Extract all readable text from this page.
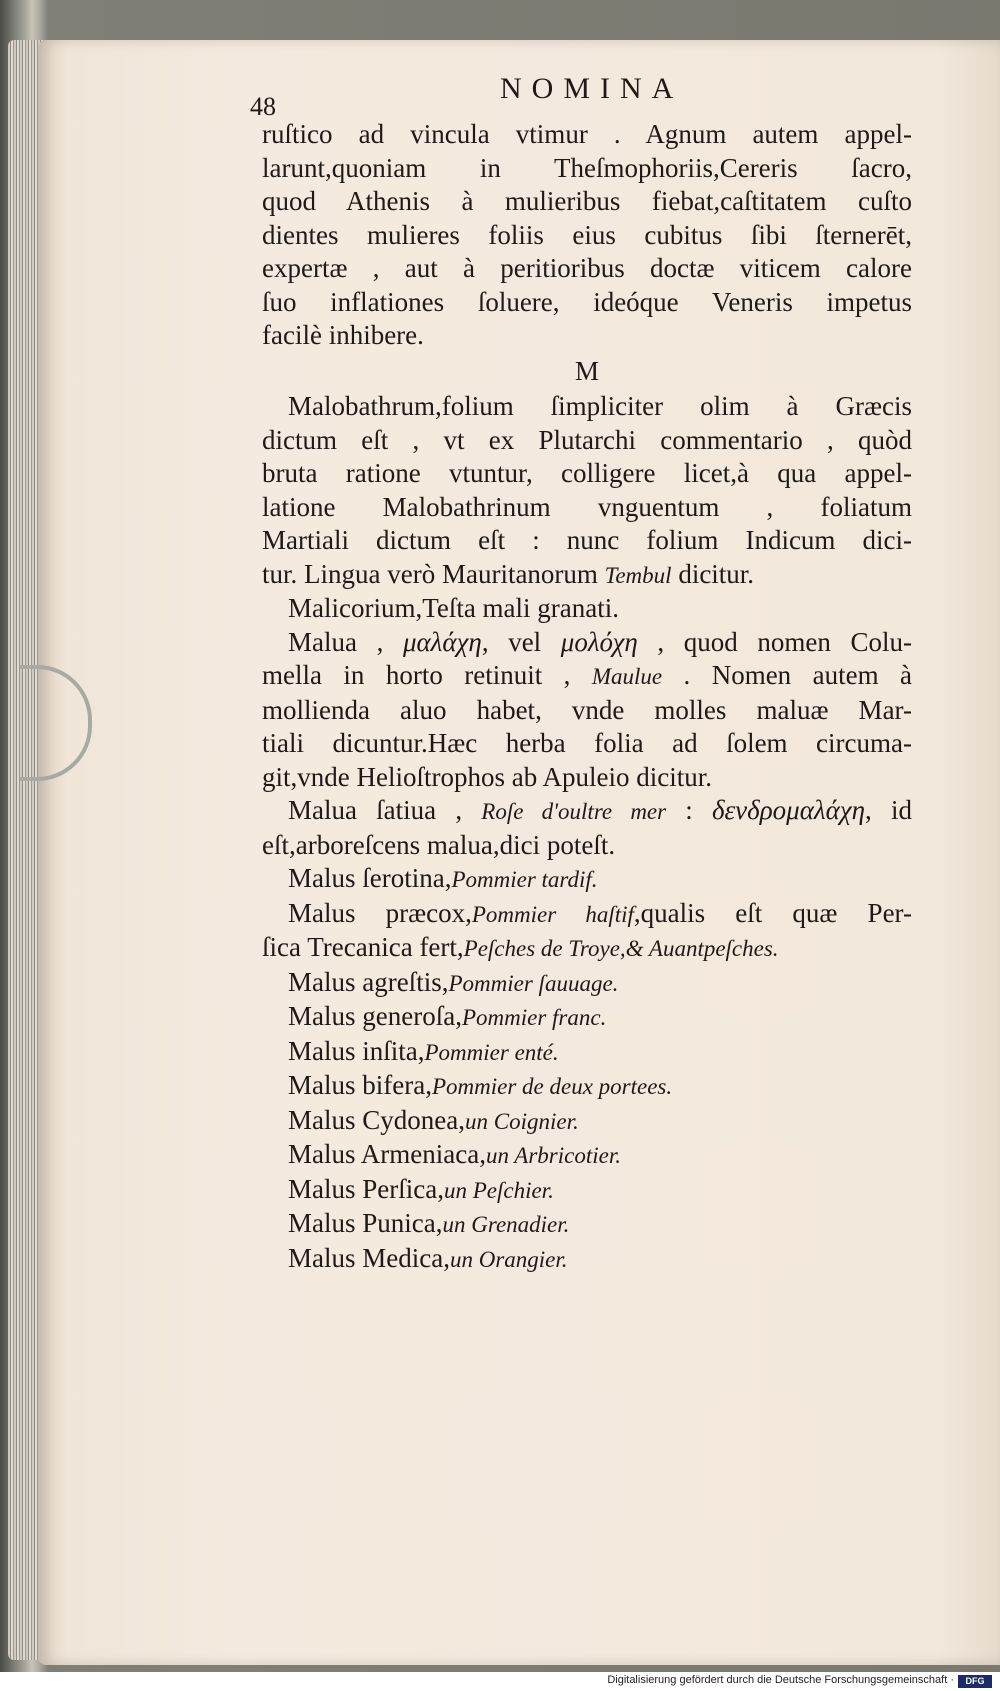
48
NOMINA
ruſtico ad vincula vtimur . Agnum autem appel-
larunt,quoniam in Theſmophoriis,Cereris ſacro,
quod Athenis à mulieribus fiebat,caſtitatem cuſto
dientes mulieres foliis eius cubitus ſibi ſternerēt,
expertæ , aut à peritioribus doctæ viticem calore
ſuo inflationes ſoluere, ideóque Veneris impetus
facilè inhibere.
M
Malobathrum,folium ſimpliciter olim à Græcis
dictum eſt , vt ex Plutarchi commentario , quòd
bruta ratione vtuntur, colligere licet,à qua appel-
latione Malobathrinum vnguentum , foliatum
Martiali dictum eſt : nunc folium Indicum dici-
tur. Lingua verò Mauritanorum Tembul dicitur.
Malicorium,Teſta mali granati.
Malua , μαλάχη, vel μολόχη , quod nomen Colu-
mella in horto retinuit , Maulue . Nomen autem à
mollienda aluo habet, vnde molles maluæ Mar-
tiali dicuntur.Hæc herba folia ad ſolem circuma-
git,vnde Helioſtrophos ab Apuleio dicitur.
Malua ſatiua , Roſe d'oultre mer : δενδρομαλάχη, id
eſt,arboreſcens malua,dici poteſt.
Malus ſerotina,Pommier tardif.
Malus præcox,Pommier haſtif,qualis eſt quæ Per-
ſica Trecanica fert,Peſches de Troye,& Auantpeſches.
Malus agreſtis,Pommier ſauuage.
Malus generoſa,Pommier franc.
Malus inſita,Pommier enté.
Malus bifera,Pommier de deux portees.
Malus Cydonea,un Coignier.
Malus Armeniaca,un Arbricotier.
Malus Perſica,un Peſchier.
Malus Punica,un Grenadier.
Malus Medica,un Orangier.
Digitalisierung gefördert durch die Deutsche Forschungsgemeinschaft ·	DFG
